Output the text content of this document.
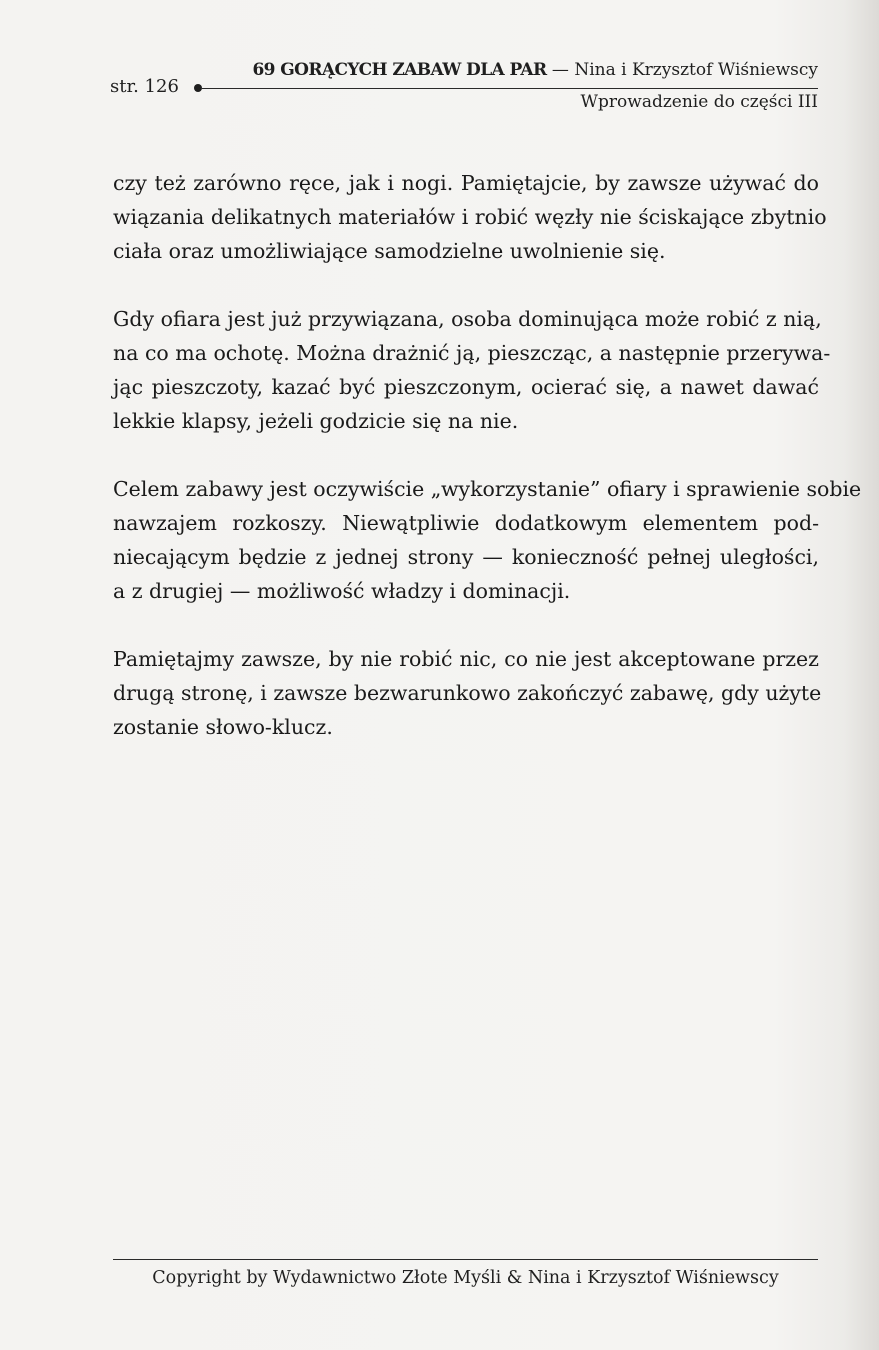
str. 126
69 GORĄCYCH ZABAW DLA PAR — Nina i Krzysztof Wiśniewscy
Wprowadzenie do części III

czy też zarówno ręce, jak i nogi. Pamiętajcie, by zawsze używać do
wiązania delikatnych materiałów i robić węzły nie ściskające zbytnio
ciała oraz umożliwiające samodzielne uwolnienie się.

Gdy ofiara jest już przywiązana, osoba dominująca może robić z nią,
na co ma ochotę. Można drażnić ją, pieszcząc, a następnie przerywa-
jąc pieszczoty, kazać być pieszczonym, ocierać się, a nawet dawać
lekkie klapsy, jeżeli godzicie się na nie.

Celem zabawy jest oczywiście „wykorzystanie” ofiary i sprawienie sobie
nawzajem rozkoszy. Niewątpliwie dodatkowym elementem pod-
niecającym będzie z jednej strony — konieczność pełnej uległości,
a z drugiej — możliwość władzy i dominacji.

Pamiętajmy zawsze, by nie robić nic, co nie jest akceptowane przez
drugą stronę, i zawsze bezwarunkowo zakończyć zabawę, gdy użyte
zostanie słowo-klucz.

Copyright by Wydawnictwo Złote Myśli & Nina i Krzysztof Wiśniewscy
